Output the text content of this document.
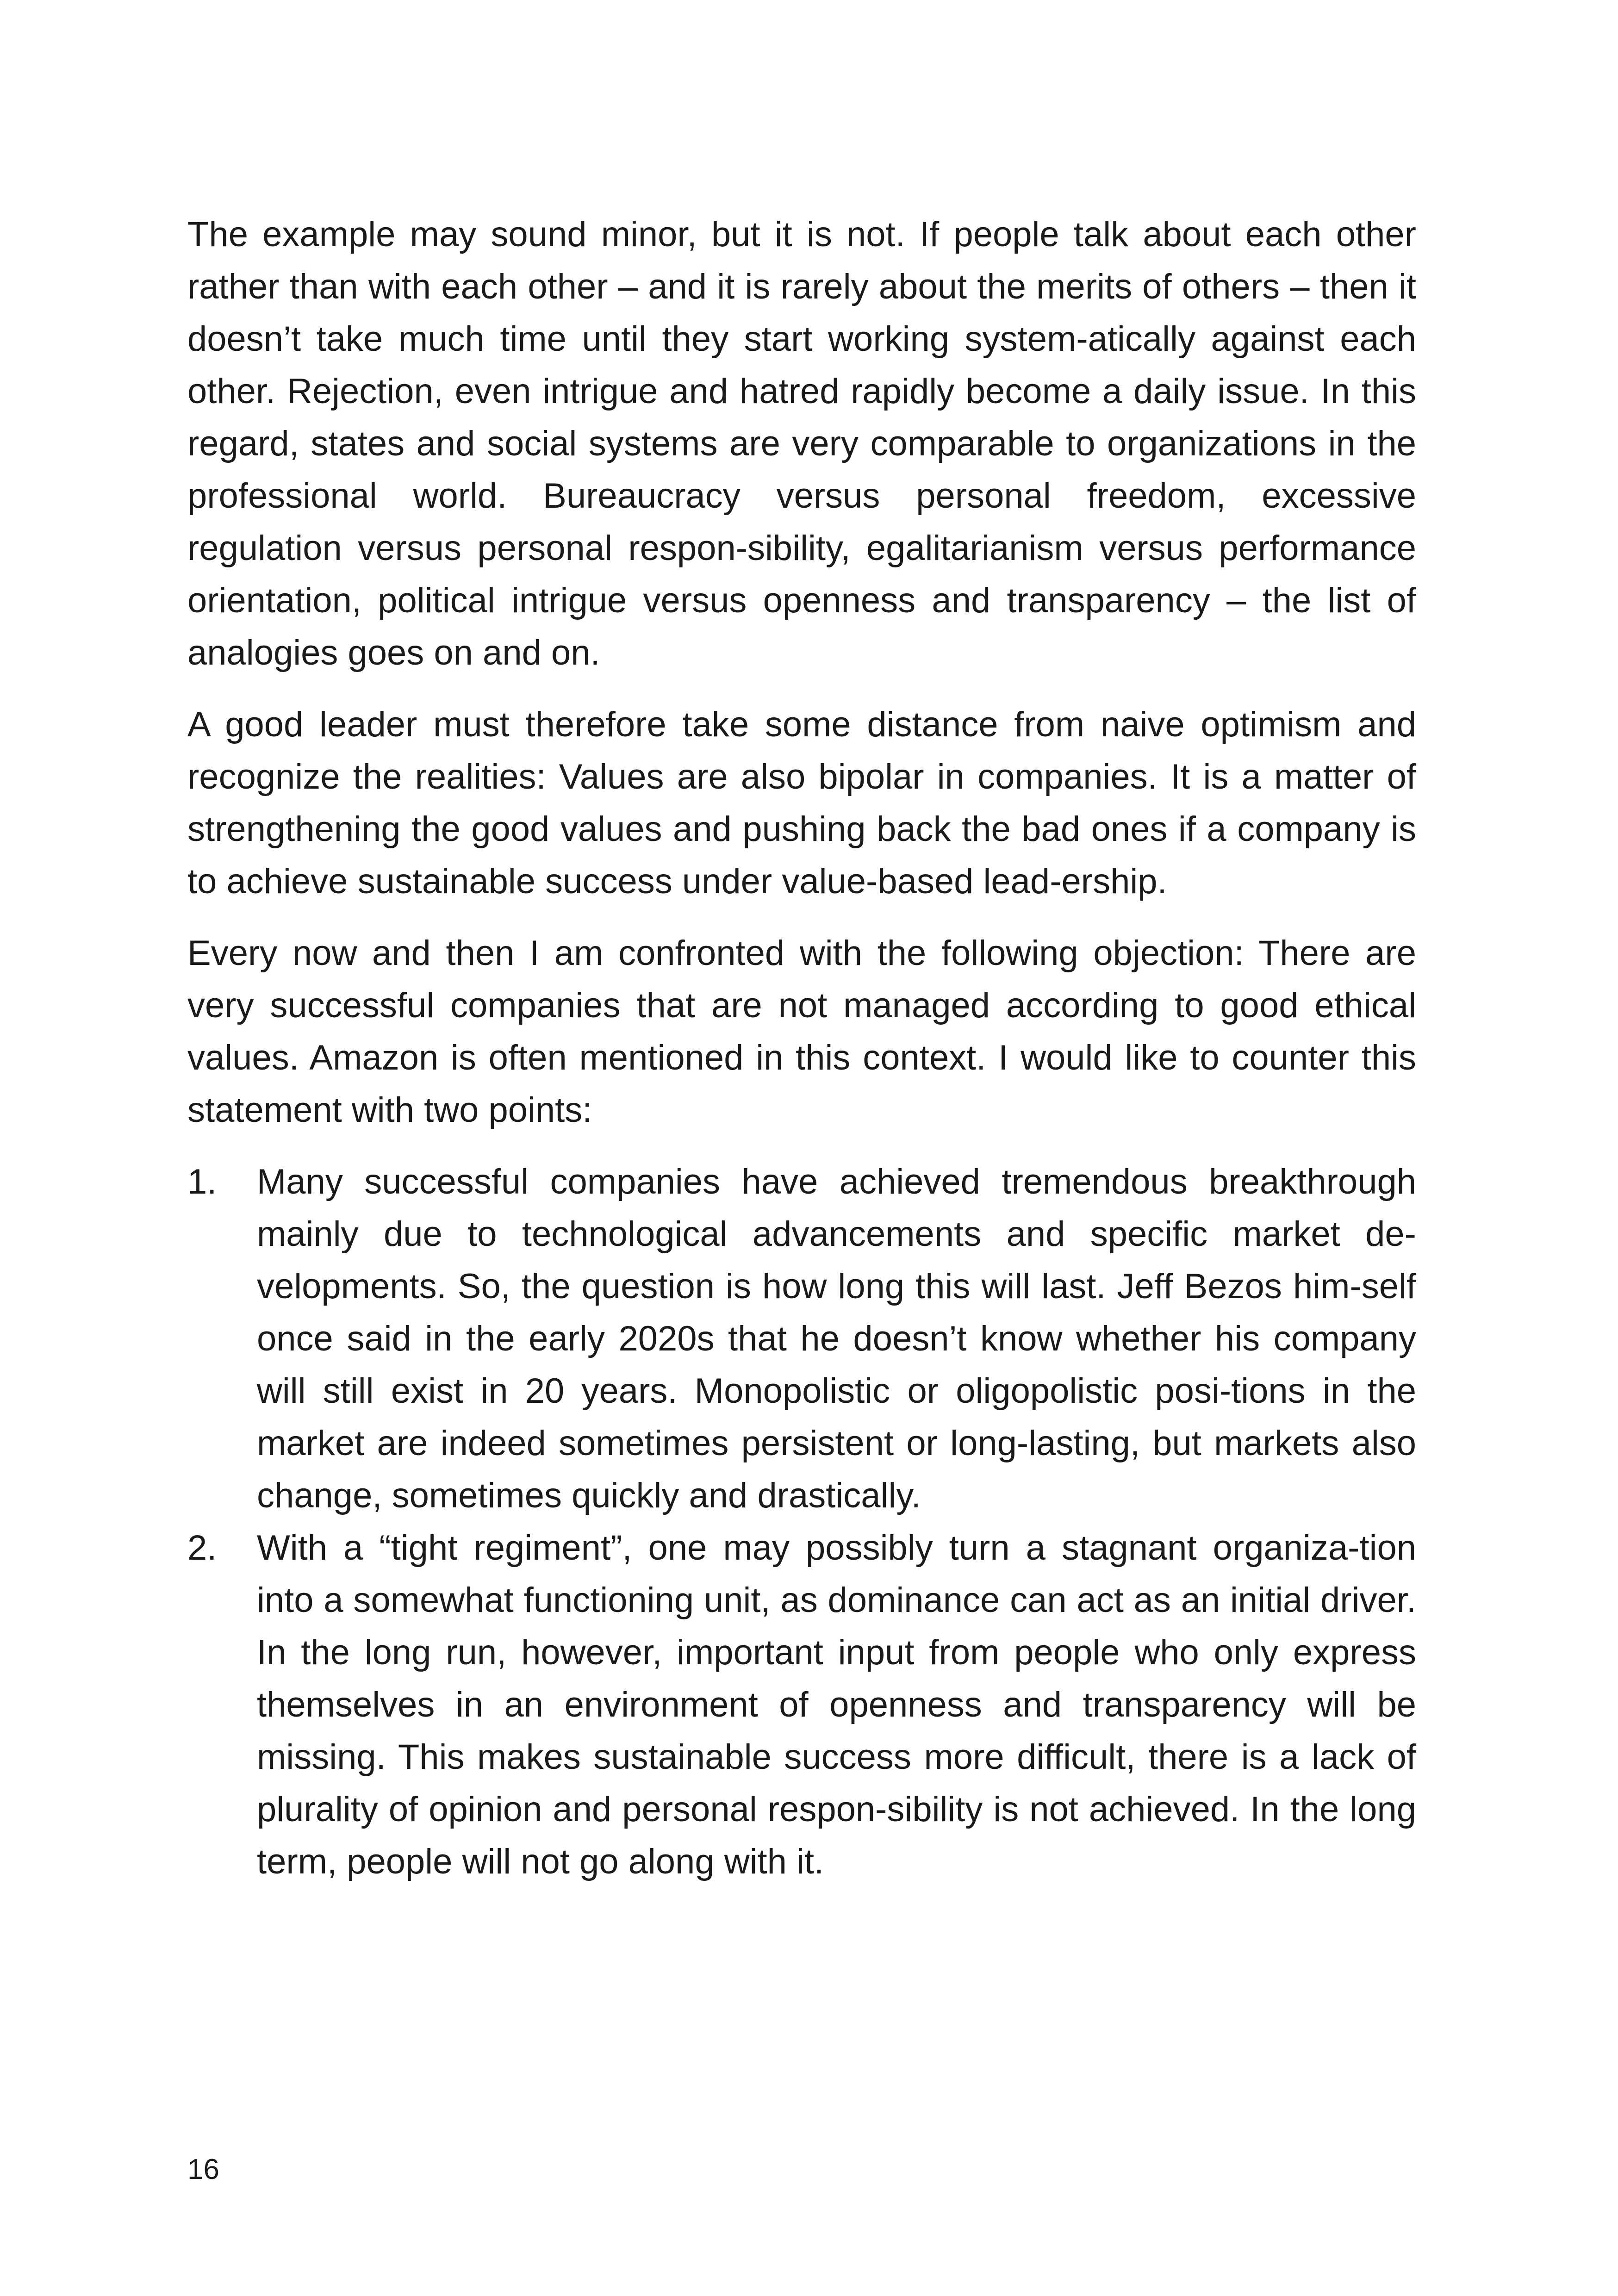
The example may sound minor, but it is not. If people talk about each other rather than with each other – and it is rarely about the merits of others – then it doesn’t take much time until they start working system-atically against each other. Rejection, even intrigue and hatred rapidly become a daily issue. In this regard, states and social systems are very comparable to organizations in the professional world. Bureaucracy versus personal freedom, excessive regulation versus personal respon-sibility, egalitarianism versus performance orientation, political intrigue versus openness and transparency – the list of analogies goes on and on.

A good leader must therefore take some distance from naive optimism and recognize the realities: Values are also bipolar in companies. It is a matter of strengthening the good values and pushing back the bad ones if a company is to achieve sustainable success under value-based lead-ership.

Every now and then I am confronted with the following objection: There are very successful companies that are not managed according to good ethical values. Amazon is often mentioned in this context. I would like to counter this statement with two points:

1.	Many successful companies have achieved tremendous breakthrough mainly due to technological advancements and specific market de-velopments. So, the question is how long this will last. Jeff Bezos him-self once said in the early 2020s that he doesn’t know whether his company will still exist in 20 years. Monopolistic or oligopolistic posi-tions in the market are indeed sometimes persistent or long-lasting, but markets also change, sometimes quickly and drastically.
2.	With a “tight regiment”, one may possibly turn a stagnant organiza-tion into a somewhat functioning unit, as dominance can act as an initial driver. In the long run, however, important input from people who only express themselves in an environment of openness and transparency will be missing. This makes sustainable success more difficult, there is a lack of plurality of opinion and personal respon-sibility is not achieved. In the long term, people will not go along with it.
16
